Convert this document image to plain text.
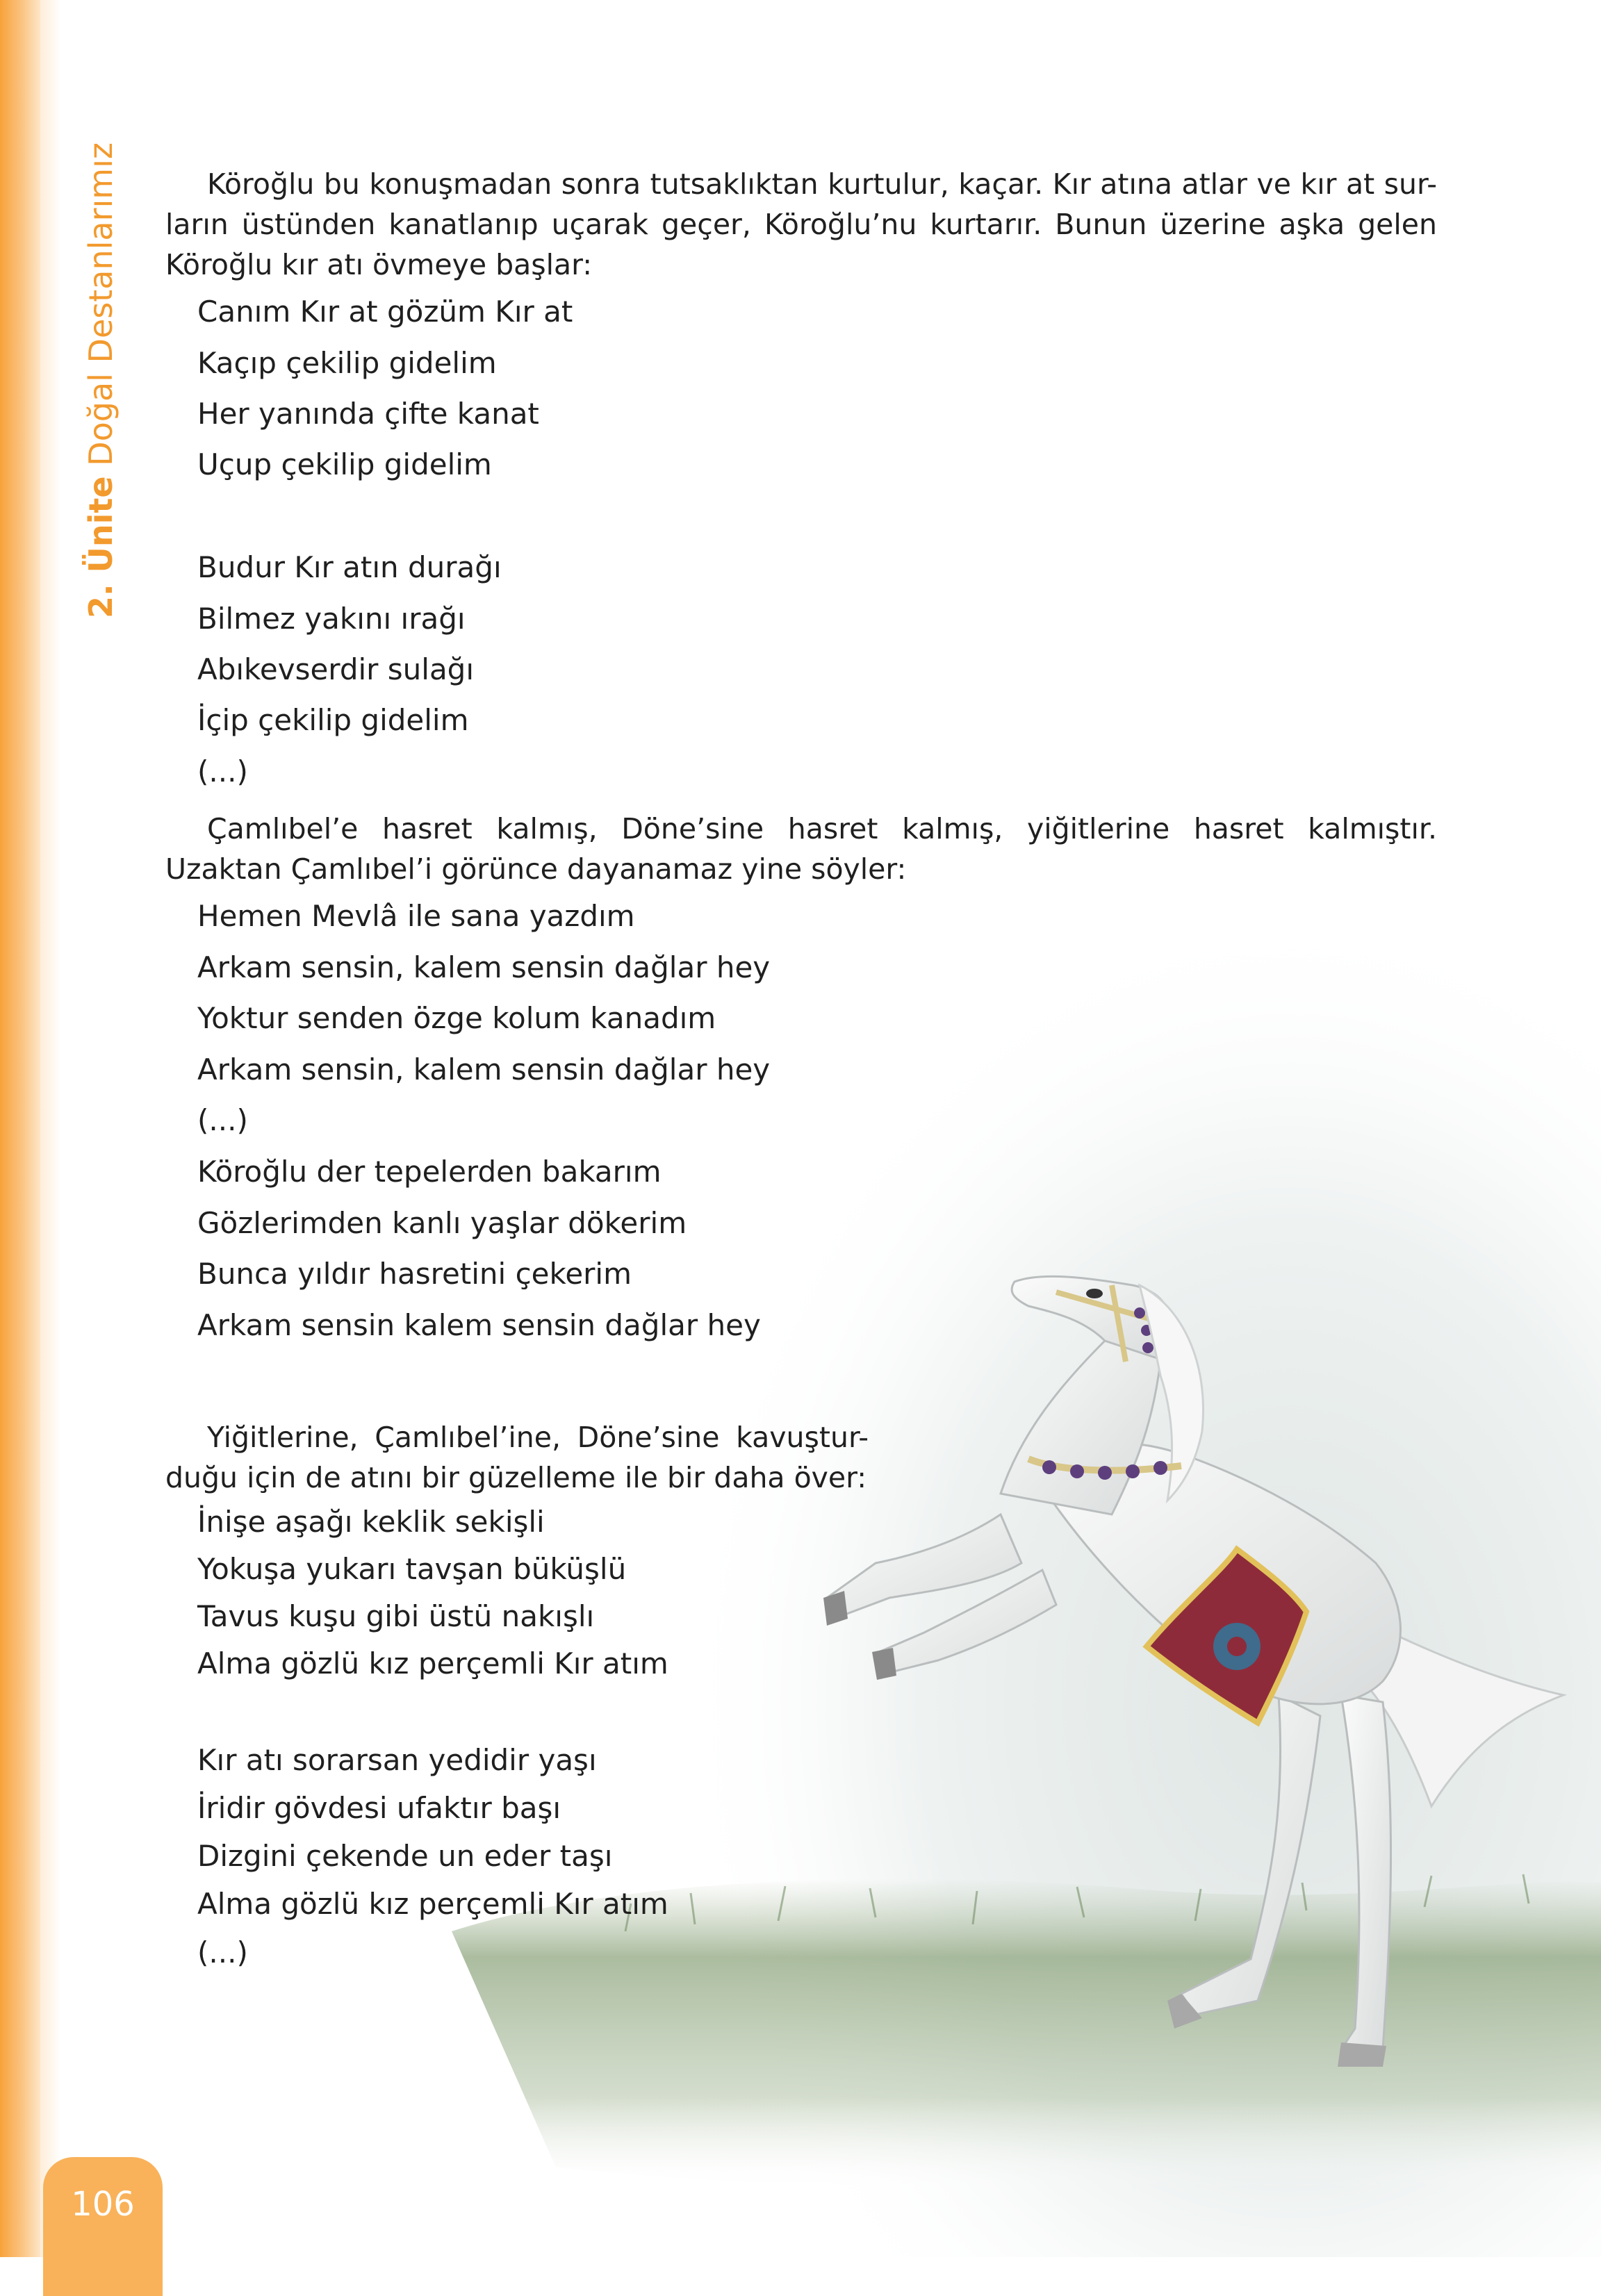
2. Ünite Doğal Destanlarımız	Köroğlu bu konuşmadan sonra tutsaklıktan kurtulur, kaçar. Kır atına atlar ve kır at sur-ların üstünden kanatlanıp uçarak geçer, Köroğlu’nu kurtarır. Bunun üzerine aşka gelen Köroğlu kır atı övmeye başlar:

Canım Kır at gözüm Kır at

Kaçıp çekilip gidelim

Her yanında çifte kanat

Uçup çekilip gidelim

Budur Kır atın durağı

Bilmez yakını ırağı

Abıkevserdir sulağı

İçip çekilip gidelim

(...)

Çamlıbel’e hasret kalmış, Döne’sine hasret kalmış, yiğitlerine hasret kalmıştır. Uzaktan Çamlıbel’i görünce dayanamaz yine söyler:

Hemen Mevlâ ile sana yazdım

Arkam sensin, kalem sensin dağlar hey

Yoktur senden özge kolum kanadım

Arkam sensin, kalem sensin dağlar hey

(...)

Köroğlu der tepelerden bakarım

Gözlerimden kanlı yaşlar dökerim

Bunca yıldır hasretini çekerim

Arkam sensin kalem sensin dağlar hey

Yiğitlerine, Çamlıbel’ine, Döne’sine kavuştur-duğu için de atını bir güzelleme ile bir daha över:

İnişe aşağı keklik sekişli

Yokuşa yukarı tavşan büküşlü

Tavus kuşu gibi üstü nakışlı

Alma gözlü kız perçemli Kır atım

Kır atı sorarsan yedidir yaşı

İridir gövdesi ufaktır başı

Dizgini çekende un eder taşı

Alma gözlü kız perçemli Kır atım

(...)

106
